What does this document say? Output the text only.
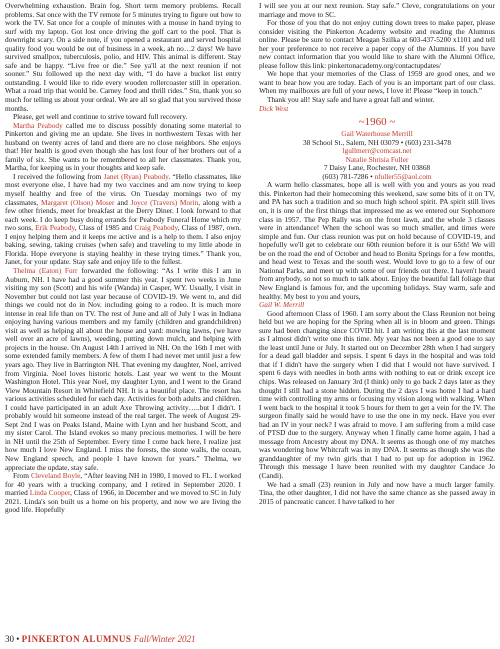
Overwhelming exhaustion. Brain fog. Short term memory problems. Recall problems. Sat once with the TV remote for 5 minutes trying to figure out how to work the TV. Sat once for a couple of minutes with a mouse in hand trying to surf with my laptop. Got lost once driving the golf cart to the pool. That is downright scary. On a side note, if you opened a restaurant and served hospital quality food you would be out of business in a week, ah no…2 days! We have survived smallpox, tuberculosis, polio, and HIV. This animal is different. Stay safe and be happy. “Live free or die.” See ya'll at the next reunion if not sooner.” Stu followed up the next day with, “I do have a bucket list entry outstanding. I would like to ride every wooden rollercoaster still in operation. What a road trip that would be. Carney food and thrill rides.” Stu, thank you so much for telling us about your ordeal. We are all so glad that you survived those months.

Please, get well and continue to strive toward full recovery.

Martha Peabody called me to discuss possibly donating some material to Pinkerton and giving me an update. She lives in northwestern Texas with her husband on twenty acres of land and there are no close neighbors. She enjoys that! Her health is good even though she has lost four of her brothers out of a family of six. She wants to be remembered to all her classmates. Thank you, Martha, for keeping us in your thoughts and keep safe.

I received the following from Janet (Ryan) Peabody. “Hello classmates, like most everyone else, I have had my two vaccines and am now trying to keep myself healthy and free of the virus. On Tuesday mornings two of my classmates, Margaret (Olson) Moser and Joyce (Travers) Morin, along with a few other friends, meet for breakfast at the Derry Diner. I look forward to that each week. I do keep busy doing errands for Peabody Funeral Home which my two sons, Erik Peabody, Class of 1985 and Craig Peabody, Class of 1987, own. I enjoy helping them and it keeps me active and is a help to them. I also enjoy baking, sewing, taking cruises (when safe) and traveling to my little abode in Florida. Hope everyone is staying healthy in these trying times.” Thank you, Janet, for your update. Stay safe and enjoy life to the fullest.

Thelma (Eaton) Furr forwarded the following: “As I write this I am in Auburn, NH. I have had a good summer this year. I spent two weeks in June visiting my son (Scott) and his wife (Wanda) in Casper, WY. Usually, I visit in November but could not last year because of COVID-19. We went to, and did things we could not do in Nov. including going to a rodeo. It is much more intense in real life than on TV. The rest of June and all of July I was in Indiana enjoying having various members and my family (children and grandchildren) visit as well as helping all about the house and yard: mowing lawns, (we have well over an acre of lawns), weeding, putting down mulch, and helping with projects in the house. On August 14th I arrived in NH. On the 16th I met with some extended family members. A few of them I had never met until just a few years ago. They live in Barrington NH. That evening my daughter, Noel, arrived from Virginia. Noel loves historic hotels. Last year we went to the Mount Washington Hotel. This year Noel, my daughter Lynn, and I went to the Grand View Mountain Resort in Whitefield NH. It is a beautiful place. The resort has various activities scheduled for each day. Activities for both adults and children. I could have participated in an adult Axe Throwing activity…..but I didn't. I probably would hit someone instead of the real target. The week of August 29-Sept 2nd I was on Peaks Island, Maine with Lynn and her husband Scott, and my sister Carol. The Island evokes so many precious memories. I will be here in NH until the 25th of September. Every time I come back here, I realize just how much I love New England. I miss the forests, the stone walls, the ocean, New England speech, and people I have known for years.” Thelma, we appreciate the update, stay safe.

From Cleveland Boyle, “After leaving NH in 1980, I moved to FL. I worked for 40 years with a trucking company, and I retired in September 2020. I married Linda Cooper, Class of 1966, in December and we moved to SC in July 2021. Linda's son built us a home on his property, and now we are living the good life. Hopefully

I will see you at our next reunion. Stay safe.” Cleve, congratulations on your marriage and move to SC.

For those of you that do not enjoy cutting down trees to make paper, please consider visiting the Pinkerton Academy website and reading the Alumnus online. Please be sure to contact Meagan Szilka at 603-437-5200 x1101 and tell her your preference to not receive a paper copy of the Alumnus. If you have new contact information that you would like to share with the Alumni Office, please follow this link: pinkertonacademy.org/contactupdates/

We hope that your memories of the Class of 1959 are good ones, and we want to hear how you are today. Each of you is an important part of our class. When my mailboxes are full of your news, I love it! Please “keep in touch.”

Thank you all! Stay safe and have a great fall and winter.

Dick West

~1960 ~

Gail Waterhouse Merrill

38 School St., Salem, NH 03079 • (603) 231-3478

lgullmerr@comcast.net

Natalie Shrisia Fuller

7 Daisy Lane, Rochester, NH 03868

(603) 781-7286 • nfuller55@aol.com

A warm hello classmates, hope all is well with you and yours as you read this. Pinkerton had their homecoming this weekend, saw some bits of it on TV, and PA has such a tradition and so much high school spirit. PA spirit still lives on, it is one of the first things that impressed me as we entered our Sophomore class in 1957. The Pep Rally was on the front lawn, and the whole 3 classes were in attendance! When the school was so much smaller, and times were simple and fun. Our class reunion was put on hold because of COVID-19, and hopefully we'll get to celebrate our 60th reunion before it is our 65th! We will be on the road the end of October and head to Bonita Springs for a few months, and head west to Texas and the south west. Would love to go to a few of our National Parks, and meet up with some of our friends out there. I haven't heard from anybody, so not so much to talk about. Enjoy the beautiful fall foliage that New England is famous for, and the upcoming holidays. Stay warm, safe and healthy. My best to you and yours,

Gail W. Merrill

Good afternoon Class of 1960. I am sorry about the Class Reunion not being held but we are hoping for the Spring when all is in bloom and green. Things sure had been changing since COVID hit. I am writing this at the last moment as I almost didn't write one this time. My year has not been a good one to say the least until June or July. It started out on December 28th when I had surgery for a dead gall bladder and sepsis. I spent 6 days in the hospital and was told that if I didn't have the surgery when I did that I would not have survived. I spent 6 days with needles in both arms with nothing to eat or drink except ice chips. Was released on January 3rd (I think) only to go back 2 days later as they thought I still had a stone hidden. During the 2 days I was home I had a hard time with controlling my arms or focusing my vision along with walking. When I went back to the hospital it took 5 hours for them to get a vein for the IV. The surgeon finally said he would have to use the one in my neck. Have you ever had an IV in your neck? I was afraid to move. I am suffering from a mild case of PTSD due to the surgery. Anyway when I finally came home again, I had a message from Ancestry about my DNA. It seems as though one of my matches was wondering how Whitcraft was in my DNA. It seems as though she was the granddaughter of my twin girls that I had to put up for adoption in 1962. Through this message I have been reunited with my daughter Candace Jo (Candi).

We had a small (23) reunion in July and now have a much larger family. Tina, the other daughter, I did not have the same chance as she passed away in 2015 of pancreatic cancer. I have talked to her

30 • PINKERTON ALUMNUS Fall/Winter 2021
